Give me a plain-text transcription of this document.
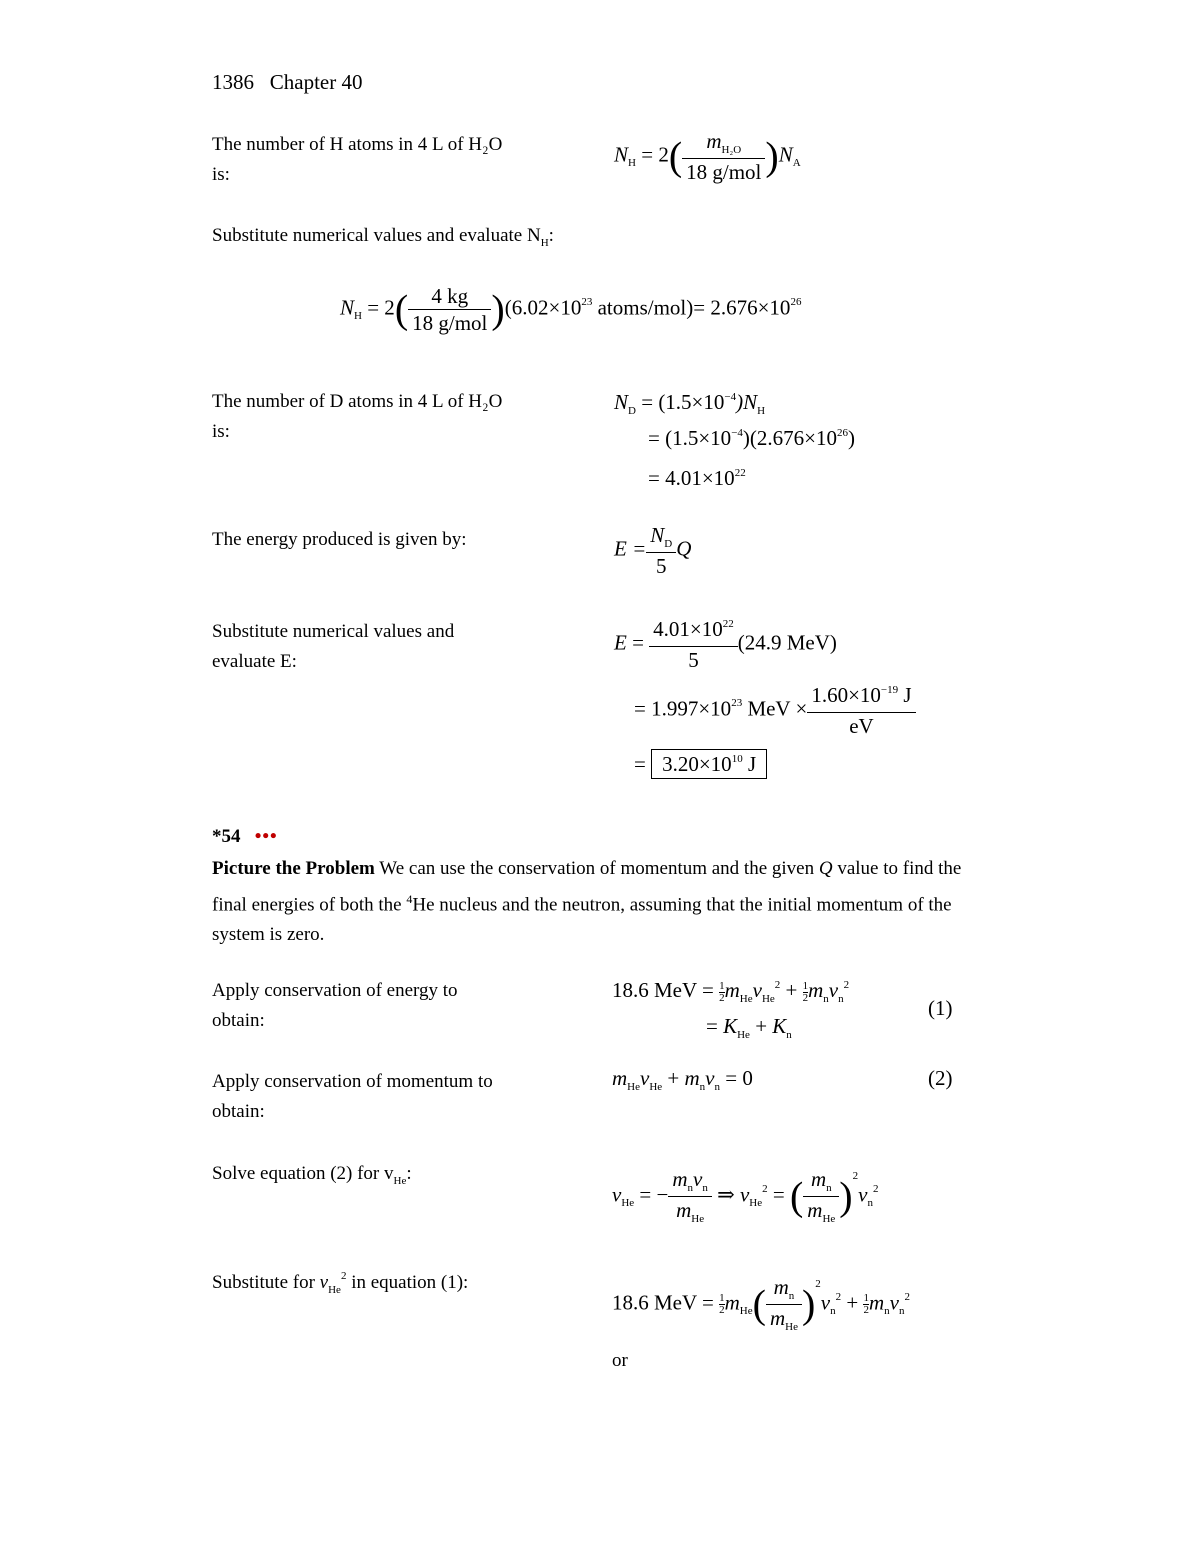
1386 Chapter 40
The number of H atoms in 4 L of H₂O is:
$N_H = 2( \frac{m_{H_2O}}{\text{18 g/mol}} )N_A$
Substitute numerical values and evaluate $N_H$:
$N_H = 2( \frac{4 kg}{\text{18 g/mol}} )(6.02\times 10^{23}$ atoms/mol)= $2.676\times 10^{26}$
The number of D atoms in 4 L of H₂O is:
$N_D = (1.5\times 10^{-4})N_H$
= $(1.5\times 10^{-4})(2.676\times 10^{26})$
= $4.01\times 10^{22}$
The energy produced is given by:	$E = \frac{N_D}{5}$ Q
Substitute numerical values and evaluate E:
$E = \frac{4.01\times 10^{22}}{5} (24.9$ MeV)
= $1.997\times 10^{23}$ MeV × $\frac{1.60\times 10^{-19} J}{eV}$
= $3.20\times 10^{10}$ J
*54 •••
Picture the Problem We can use the conservation of momentum and the given Q value to find the final energies of both the $^4$He nucleus and the neutron, assuming that the initial momentum of the system is zero.
Apply conservation of energy to obtain:
18.6 MeV = $\frac{1}{2} m_{He}v_{He}^2 + \frac{1}{2} m_nv_n^2$
= $K_{He} + K_n$
(1)
Apply conservation of momentum to obtain:
$m_{He}v_{He} + m_nv_n = 0$	(2)
Solve equation (2) for $v_{He}$:
$v_{He}$ = − $\frac{m_nv_n}{m_{He}}$ ⇒ $v_{He}^2$ = ( $\frac{m_n}{m_{He}} )^2v_n^2$
Substitute for $v_{He}^2$ in equation (1):
18.6 MeV = $\frac{1}{2} m_{He}( \frac{m_n}{m_{He}} )^2v_n^2 + \frac{1}{2} m_nv_n^2$
or
